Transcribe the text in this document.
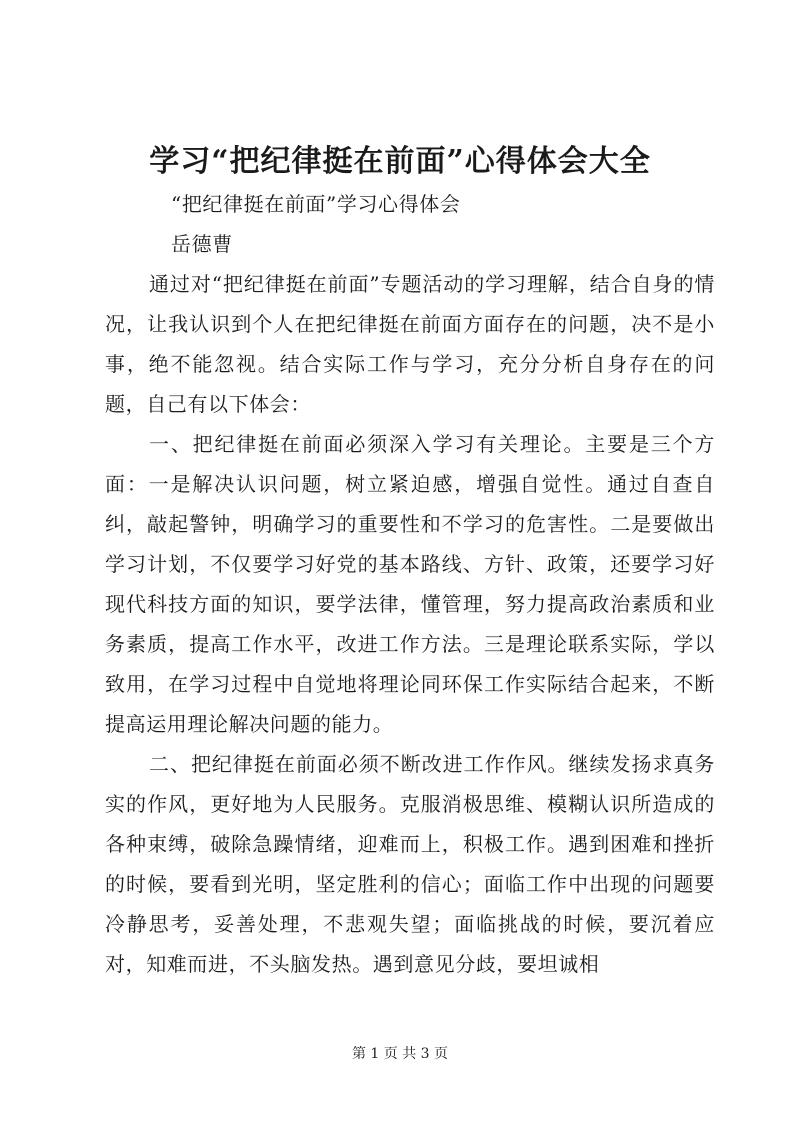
学习“把纪律挺在前面”心得体会大全

“把纪律挺在前面”学习心得体会

岳德曹

通过对“把纪律挺在前面”专题活动的学习理解，结合自身的情况，让我认识到个人在把纪律挺在前面方面存在的问题，决不是小事，绝不能忽视。结合实际工作与学习，充分分析自身存在的问题，自己有以下体会：

一、把纪律挺在前面必须深入学习有关理论。主要是三个方面：一是解决认识问题，树立紧迫感，增强自觉性。通过自查自纠，敲起警钟，明确学习的重要性和不学习的危害性。二是要做出学习计划，不仅要学习好党的基本路线、方针、政策，还要学习好现代科技方面的知识，要学法律，懂管理，努力提高政治素质和业务素质，提高工作水平，改进工作方法。三是理论联系实际，学以致用，在学习过程中自觉地将理论同环保工作实际结合起来，不断提高运用理论解决问题的能力。

二、把纪律挺在前面必须不断改进工作作风。继续发扬求真务实的作风，更好地为人民服务。克服消极思维、模糊认识所造成的各种束缚，破除急躁情绪，迎难而上，积极工作。遇到困难和挫折的时候，要看到光明，坚定胜利的信心；面临工作中出现的问题要冷静思考，妥善处理，不悲观失望；面临挑战的时候，要沉着应对，知难而进，不头脑发热。遇到意见分歧，要坦诚相

第 1 页 共 3 页
